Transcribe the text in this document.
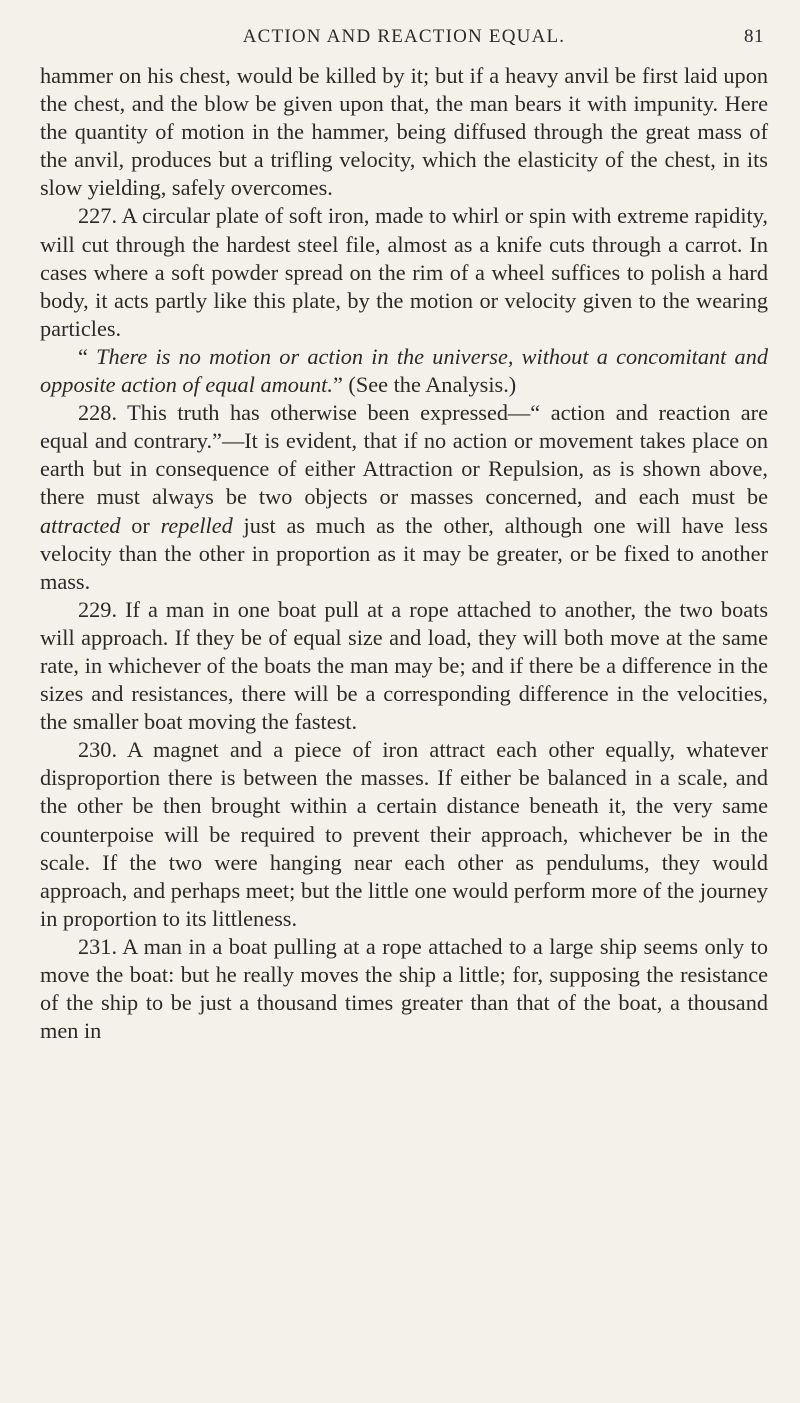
ACTION AND REACTION EQUAL.	81

hammer on his chest, would be killed by it; but if a heavy anvil be first laid upon the chest, and the blow be given upon that, the man bears it with impunity. Here the quantity of motion in the hammer, being diffused through the great mass of the anvil, produces but a trifling velocity, which the elasticity of the chest, in its slow yielding, safely overcomes.

227. A circular plate of soft iron, made to whirl or spin with extreme rapidity, will cut through the hardest steel file, almost as a knife cuts through a carrot. In cases where a soft powder spread on the rim of a wheel suffices to polish a hard body, it acts partly like this plate, by the motion or velocity given to the wearing particles.

“ There is no motion or action in the universe, without a concomitant and opposite action of equal amount.” (See the Analysis.)

228. This truth has otherwise been expressed—“ action and reaction are equal and contrary.”—It is evident, that if no action or movement takes place on earth but in consequence of either Attraction or Repulsion, as is shown above, there must always be two objects or masses concerned, and each must be attracted or repelled just as much as the other, although one will have less velocity than the other in proportion as it may be greater, or be fixed to another mass.

229. If a man in one boat pull at a rope attached to another, the two boats will approach. If they be of equal size and load, they will both move at the same rate, in whichever of the boats the man may be; and if there be a difference in the sizes and resistances, there will be a corresponding difference in the velocities, the smaller boat moving the fastest.

230. A magnet and a piece of iron attract each other equally, whatever disproportion there is between the masses. If either be balanced in a scale, and the other be then brought within a certain distance beneath it, the very same counterpoise will be required to prevent their approach, whichever be in the scale. If the two were hanging near each other as pendulums, they would approach, and perhaps meet; but the little one would perform more of the journey in proportion to its littleness.

231. A man in a boat pulling at a rope attached to a large ship seems only to move the boat: but he really moves the ship a little; for, supposing the resistance of the ship to be just a thousand times greater than that of the boat, a thousand men in
